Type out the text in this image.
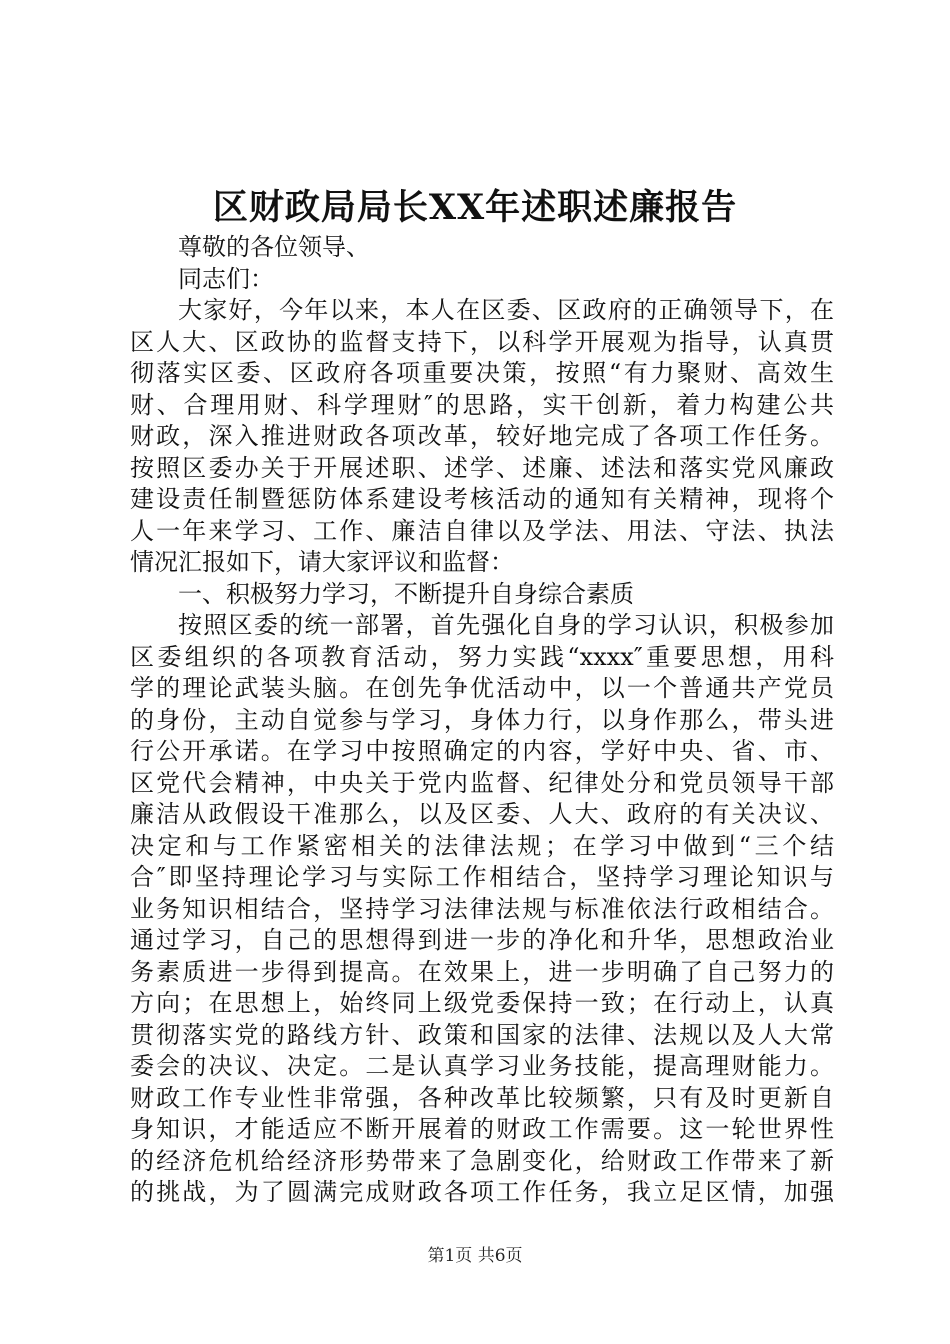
区财政局局长XX年述职述廉报告
尊敬的各位领导、
同志们：
大家好，今年以来，本人在区委、区政府的正确领导下，在
区人大、区政协的监督支持下，以科学开展观为指导，认真贯
彻落实区委、区政府各项重要决策，按照“有力聚财、高效生
财、合理用财、科学理财″的思路，实干创新，着力构建公共
财政，深入推进财政各项改革，较好地完成了各项工作任务。
按照区委办关于开展述职、述学、述廉、述法和落实党风廉政
建设责任制暨惩防体系建设考核活动的通知有关精神，现将个
人一年来学习、工作、廉洁自律以及学法、用法、守法、执法
情况汇报如下，请大家评议和监督：
一、积极努力学习，不断提升自身综合素质
按照区委的统一部署，首先强化自身的学习认识，积极参加
区委组织的各项教育活动，努力实践“xxxx″重要思想，用科
学的理论武装头脑。在创先争优活动中，以一个普通共产党员
的身份，主动自觉参与学习，身体力行，以身作那么，带头进
行公开承诺。在学习中按照确定的内容，学好中央、省、市、
区党代会精神，中央关于党内监督、纪律处分和党员领导干部
廉洁从政假设干准那么，以及区委、人大、政府的有关决议、
决定和与工作紧密相关的法律法规；在学习中做到“三个结
合″即坚持理论学习与实际工作相结合，坚持学习理论知识与
业务知识相结合，坚持学习法律法规与标准依法行政相结合。
通过学习，自己的思想得到进一步的净化和升华，思想政治业
务素质进一步得到提高。在效果上，进一步明确了自己努力的
方向；在思想上，始终同上级党委保持一致；在行动上，认真
贯彻落实党的路线方针、政策和国家的法律、法规以及人大常
委会的决议、决定。二是认真学习业务技能，提高理财能力。
财政工作专业性非常强，各种改革比较频繁，只有及时更新自
身知识，才能适应不断开展着的财政工作需要。这一轮世界性
的经济危机给经济形势带来了急剧变化，给财政工作带来了新
的挑战，为了圆满完成财政各项工作任务，我立足区情，加强
第1页 共6页
